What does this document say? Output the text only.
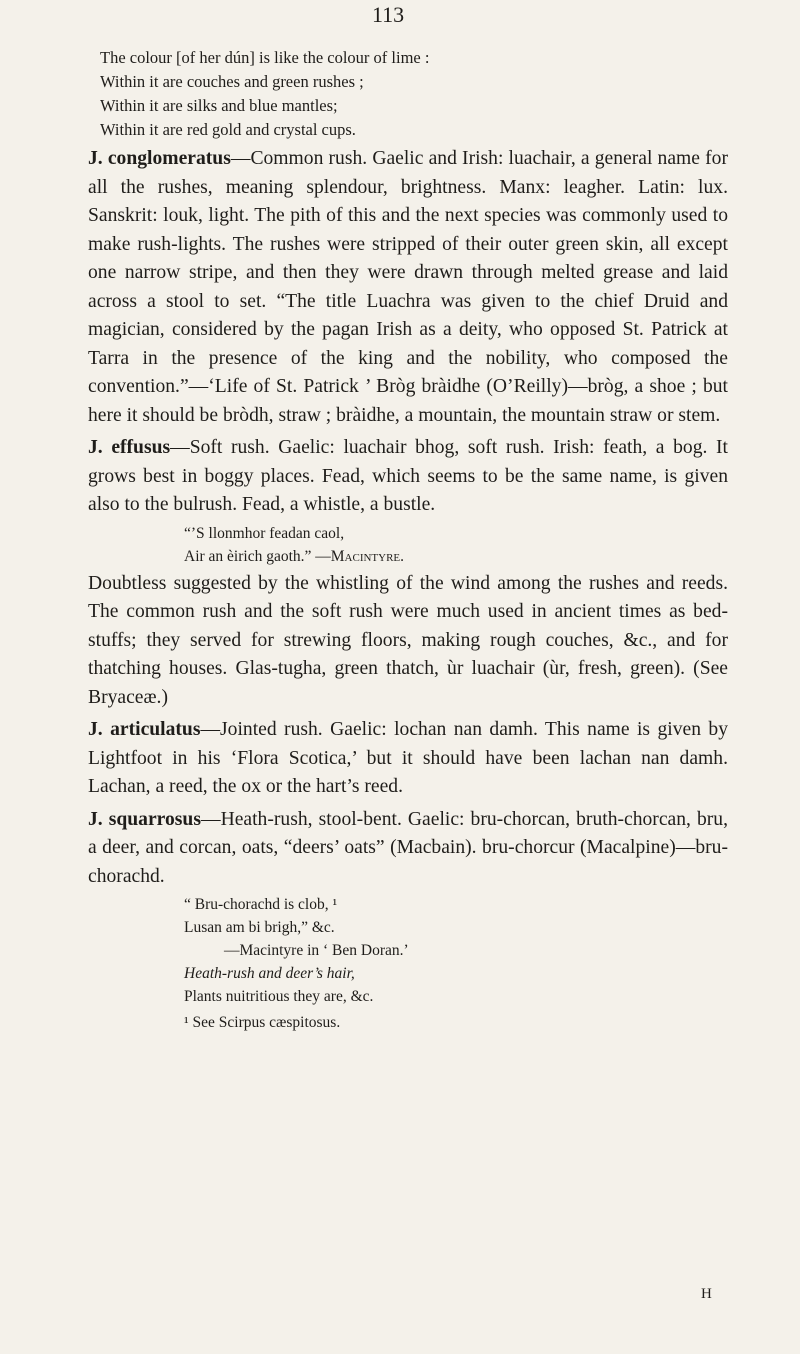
113
The colour [of her dún] is like the colour of lime :
Within it are couches and green rushes ;
Within it are silks and blue mantles;
Within it are red gold and crystal cups.

J. conglomeratus—Common rush. Gaelic and Irish: luachair, a general name for all the rushes, meaning splendour, brightness. Manx: leagher. Latin: lux. Sanskrit: louk, light. The pith of this and the next species was commonly used to make rush-lights. The rushes were stripped of their outer green skin, all except one narrow stripe, and then they were drawn through melted grease and laid across a stool to set. “The title Luachra was given to the chief Druid and magician, considered by the pagan Irish as a deity, who opposed St. Patrick at Tarra in the presence of the king and the nobility, who composed the convention.”—‘Life of St. Patrick ’ Bròg bràidhe (O’Reilly)—bròg, a shoe ; but here it should be bròdh, straw ; bràidhe, a mountain, the mountain straw or stem.

J. effusus—Soft rush. Gaelic: luachair bhog, soft rush. Irish: feath, a bog. It grows best in boggy places. Fead, which seems to be the same name, is given also to the bulrush. Fead, a whistle, a bustle.

“’S llonmhor feadan caol,
Air an èirich gaoth.” —Macintyre.

Doubtless suggested by the whistling of the wind among the rushes and reeds. The common rush and the soft rush were much used in ancient times as bed-stuffs; they served for strewing floors, making rough couches, &c., and for thatching houses. Glas-tugha, green thatch, ùr luachair (ùr, fresh, green). (See Bryaceæ.)

J. articulatus—Jointed rush. Gaelic: lochan nan damh. This name is given by Lightfoot in his ‘Flora Scotica,’ but it should have been lachan nan damh. Lachan, a reed, the ox or the hart’s reed.

J. squarrosus—Heath-rush, stool-bent. Gaelic: bru-chorcan, bruth-chorcan, bru, a deer, and corcan, oats, “deers’ oats” (Macbain). bru-chorcur (Macalpine)—bru-chorachd.

“ Bru-chorachd is clob, ¹
Lusan am bi brigh,” &c.
—Macintyre in ‘ Ben Doran.’
Heath-rush and deer’s hair,
Plants nuitritious they are, &c.
¹ See Scirpus cæspitosus.
H
